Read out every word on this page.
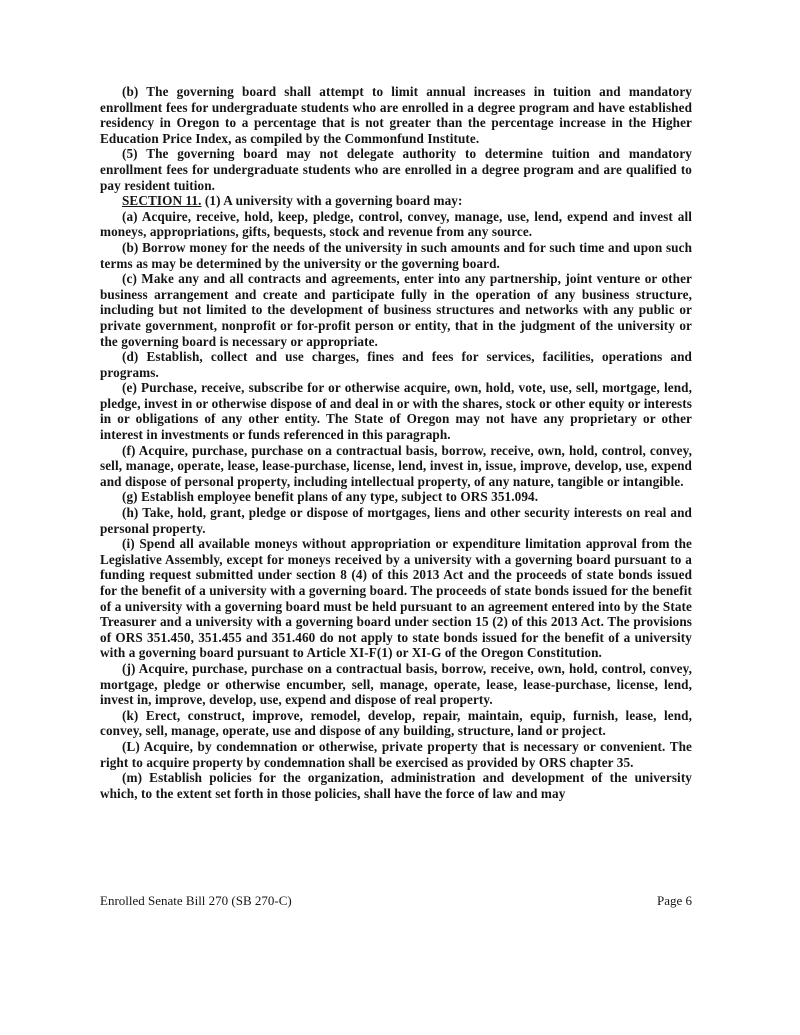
(b) The governing board shall attempt to limit annual increases in tuition and mandatory enrollment fees for undergraduate students who are enrolled in a degree program and have established residency in Oregon to a percentage that is not greater than the percentage increase in the Higher Education Price Index, as compiled by the Commonfund Institute.

(5) The governing board may not delegate authority to determine tuition and mandatory enrollment fees for undergraduate students who are enrolled in a degree program and are qualified to pay resident tuition.

SECTION 11. (1) A university with a governing board may:

(a) Acquire, receive, hold, keep, pledge, control, convey, manage, use, lend, expend and invest all moneys, appropriations, gifts, bequests, stock and revenue from any source.

(b) Borrow money for the needs of the university in such amounts and for such time and upon such terms as may be determined by the university or the governing board.

(c) Make any and all contracts and agreements, enter into any partnership, joint venture or other business arrangement and create and participate fully in the operation of any business structure, including but not limited to the development of business structures and networks with any public or private government, nonprofit or for-profit person or entity, that in the judgment of the university or the governing board is necessary or appropriate.

(d) Establish, collect and use charges, fines and fees for services, facilities, operations and programs.

(e) Purchase, receive, subscribe for or otherwise acquire, own, hold, vote, use, sell, mortgage, lend, pledge, invest in or otherwise dispose of and deal in or with the shares, stock or other equity or interests in or obligations of any other entity. The State of Oregon may not have any proprietary or other interest in investments or funds referenced in this paragraph.

(f) Acquire, purchase, purchase on a contractual basis, borrow, receive, own, hold, control, convey, sell, manage, operate, lease, lease-purchase, license, lend, invest in, issue, improve, develop, use, expend and dispose of personal property, including intellectual property, of any nature, tangible or intangible.

(g) Establish employee benefit plans of any type, subject to ORS 351.094.

(h) Take, hold, grant, pledge or dispose of mortgages, liens and other security interests on real and personal property.

(i) Spend all available moneys without appropriation or expenditure limitation approval from the Legislative Assembly, except for moneys received by a university with a governing board pursuant to a funding request submitted under section 8 (4) of this 2013 Act and the proceeds of state bonds issued for the benefit of a university with a governing board. The proceeds of state bonds issued for the benefit of a university with a governing board must be held pursuant to an agreement entered into by the State Treasurer and a university with a governing board under section 15 (2) of this 2013 Act. The provisions of ORS 351.450, 351.455 and 351.460 do not apply to state bonds issued for the benefit of a university with a governing board pursuant to Article XI-F(1) or XI-G of the Oregon Constitution.

(j) Acquire, purchase, purchase on a contractual basis, borrow, receive, own, hold, control, convey, mortgage, pledge or otherwise encumber, sell, manage, operate, lease, lease-purchase, license, lend, invest in, improve, develop, use, expend and dispose of real property.

(k) Erect, construct, improve, remodel, develop, repair, maintain, equip, furnish, lease, lend, convey, sell, manage, operate, use and dispose of any building, structure, land or project.

(L) Acquire, by condemnation or otherwise, private property that is necessary or convenient. The right to acquire property by condemnation shall be exercised as provided by ORS chapter 35.

(m) Establish policies for the organization, administration and development of the university which, to the extent set forth in those policies, shall have the force of law and may

Enrolled Senate Bill 270 (SB 270-C)	Page 6
